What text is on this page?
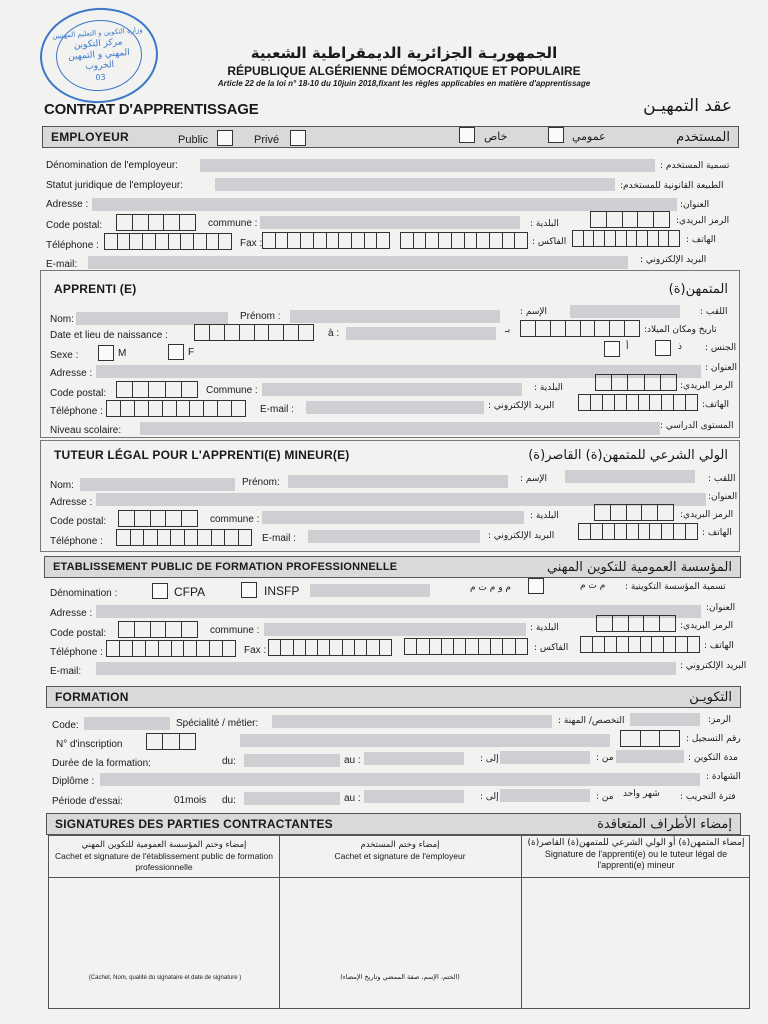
وزارة التكوين و التعليم المهنيين
مركز التكوين
المهني و التمهين
الخروب
03
الجمهوريـة الجزائرية الديمقراطية الشعبية
RÉPUBLIQUE ALGÉRIENNE DÉMOCRATIQUE ET POPULAIRE
Article 22 de la loi n° 18-10 du 10juin 2018,fixant les règles applicables en matière d'apprentissage
CONTRAT D'APPRENTISSAGE	عقد التمهيـن
EMPLOYEUR	المستخدم
Public	Privé	خاص	عمومي
Dénomination de l'employeur:	تسمية المستخدم :
Statut juridique de l'employeur:	الطبيعة القانونية للمستخدم:
Adresse :	العنوان:
Code postal:	commune :	البلدية :	الرمز البريدي:
Téléphone :	Fax :	الفاكس :	الهاتف :
E-mail:	البريد الإلكتروني :
APPRENTI (E)	المتمهن(ة)
Nom:	Prénom :	الإسم :	اللقب :
Date et lieu de naissance :	à :	بـ	تاريخ ومكان الميلاد:
Sexe :	M	F	أ	ذ	الجنس :
Adresse :	العنوان :
Code postal:	Commune :	البلدية :	الرمز البريدي:
Téléphone :	E-mail :	البريد الإلكتروني :	الهاتف:
Niveau scolaire:	المستوى الدراسي :
TUTEUR LÉGAL POUR L'APPRENTI(E) MINEUR(E)	الولي الشرعي للمتمهن(ة) القاصر(ة)
Nom:	Prénom:	الإسم :	اللقب :
Adresse :	العنوان:
Code postal:	commune :	البلدية :	الرمز البريدي:
Téléphone :	E-mail :	البريد الإلكتروني :	الهاتف :
ETABLISSEMENT PUBLIC DE FORMATION PROFESSIONNELLE	المؤسسة العمومية للتكوين المهني
Dénomination :	CFPA	INSFP	م و م ت م	م ت م تسمية المؤسسة التكوينية :
Adresse :	العنوان:
Code postal:	commune :	البلدية :	الرمز البريدي:
Téléphone :	Fax :	الفاكس :	الهاتف :
E-mail:	البريد الإلكتروني :
FORMATION	التكويـن
Code:	Spécialité / métier:	التخصص/ المهنة :	الرمز:
N° d'inscription	رقم التسجيل :
Durée de la formation:	du:	au :	إلى :	من :	مدة التكوين :
Diplôme :	الشهادة :
Période d'essai:	01mois du:	au :	إلى :	من : شهر واحد فترة التجريب :
SIGNATURES DES PARTIES CONTRACTANTES	إمضاء الأطراف المتعاقدة
إمضاء وختم المؤسسة العمومية للتكوين المهني
Cachet et signature de l'établissement public de formation professionnelle
إمضاء وختم المستخدم
Cachet et signature de l'employeur
إمضاء المتمهن(ة) أو الولي الشرعي للمتمهن(ة) القاصر(ة)
Signature de l'apprenti(e) ou le tuteur légal de l'apprenti(e) mineur
(Cachet, Nom, qualité du signataire et date de signature )	(الختم، الإسم، صفة الممضي وتاريخ الإمضاء)
